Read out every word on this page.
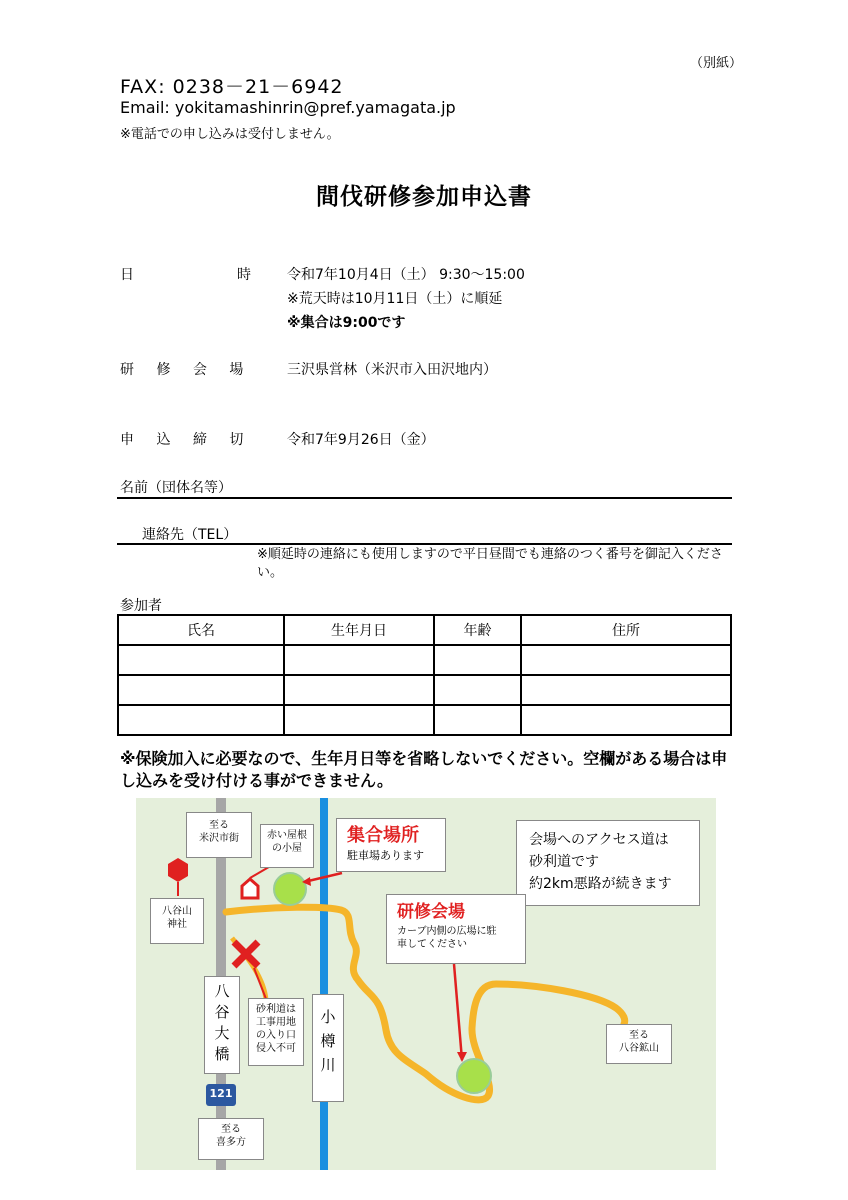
（別紙）
FAX: 0238－21－6942
Email: yokitamashinrin@pref.yamagata.jp
※電話での申し込みは受付しません。
間伐研修参加申込書
日	時	令和7年10月4日（土） 9:30～15:00
※荒天時は10月11日（土）に順延
※集合は9:00です
研 修 会 場 三沢県営林（米沢市入田沢地内）
申 込 締 切 令和7年9月26日（金）
名前（団体名等）
連絡先（TEL）
※順延時の連絡にも使用しますので平日昼間でも連絡のつく番号を御記入ください。
参加者
氏名	生年月日	年齢	住所

※保険加入に必要なので、生年月日等を省略しないでください。空欄がある場合は申し込みを受け付ける事ができません。
至る
米沢市街	赤い屋根
の小屋
集合場所
駐車場あります
会場へのアクセス道は
砂利道です
約2km悪路が続きます
八谷山
神社
研修会場
カーブ内側の広場に駐
車してください
八
谷
大
橋
砂利道は
工事用地
の入り口
侵入不可
小
樽
川
至る
八谷鉱山
121
至る
喜多方
